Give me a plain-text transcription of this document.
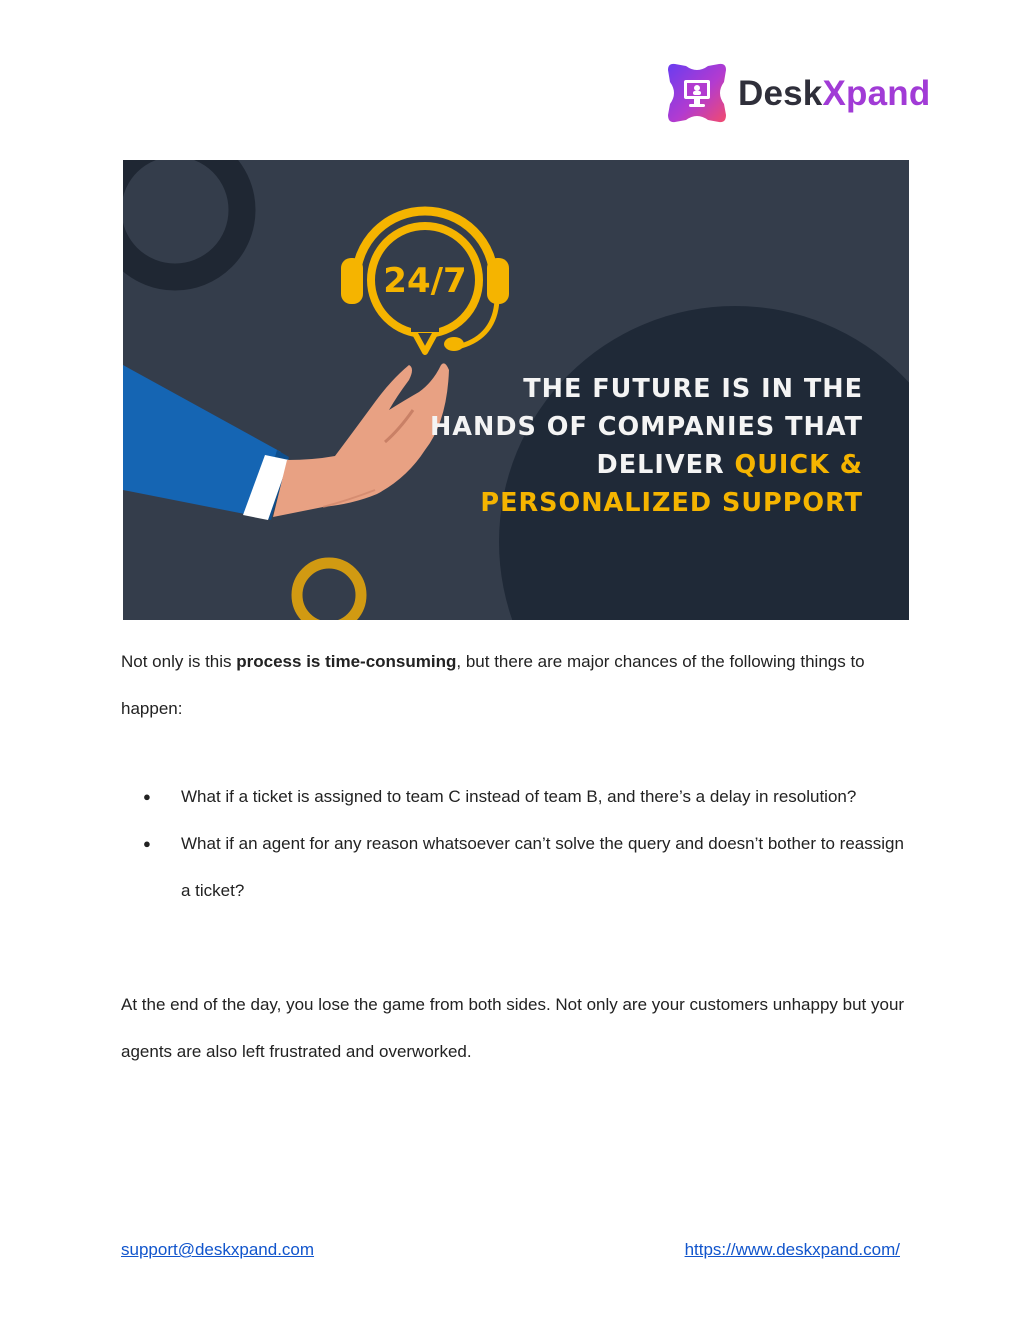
DeskXpand
24/7
THE FUTURE IS IN THE
HANDS OF COMPANIES THAT
DELIVER QUICK &
PERSONALIZED SUPPORT

Not only is this process is time-consuming, but there are major chances of the following things to happen:

● What if a ticket is assigned to team C instead of team B, and there’s a delay in resolution?
● What if an agent for any reason whatsoever can’t solve the query and doesn’t bother to reassign a ticket?

At the end of the day, you lose the game from both sides. Not only are your customers unhappy but your agents are also left frustrated and overworked.

support@deskxpand.com	https://www.deskxpand.com/
